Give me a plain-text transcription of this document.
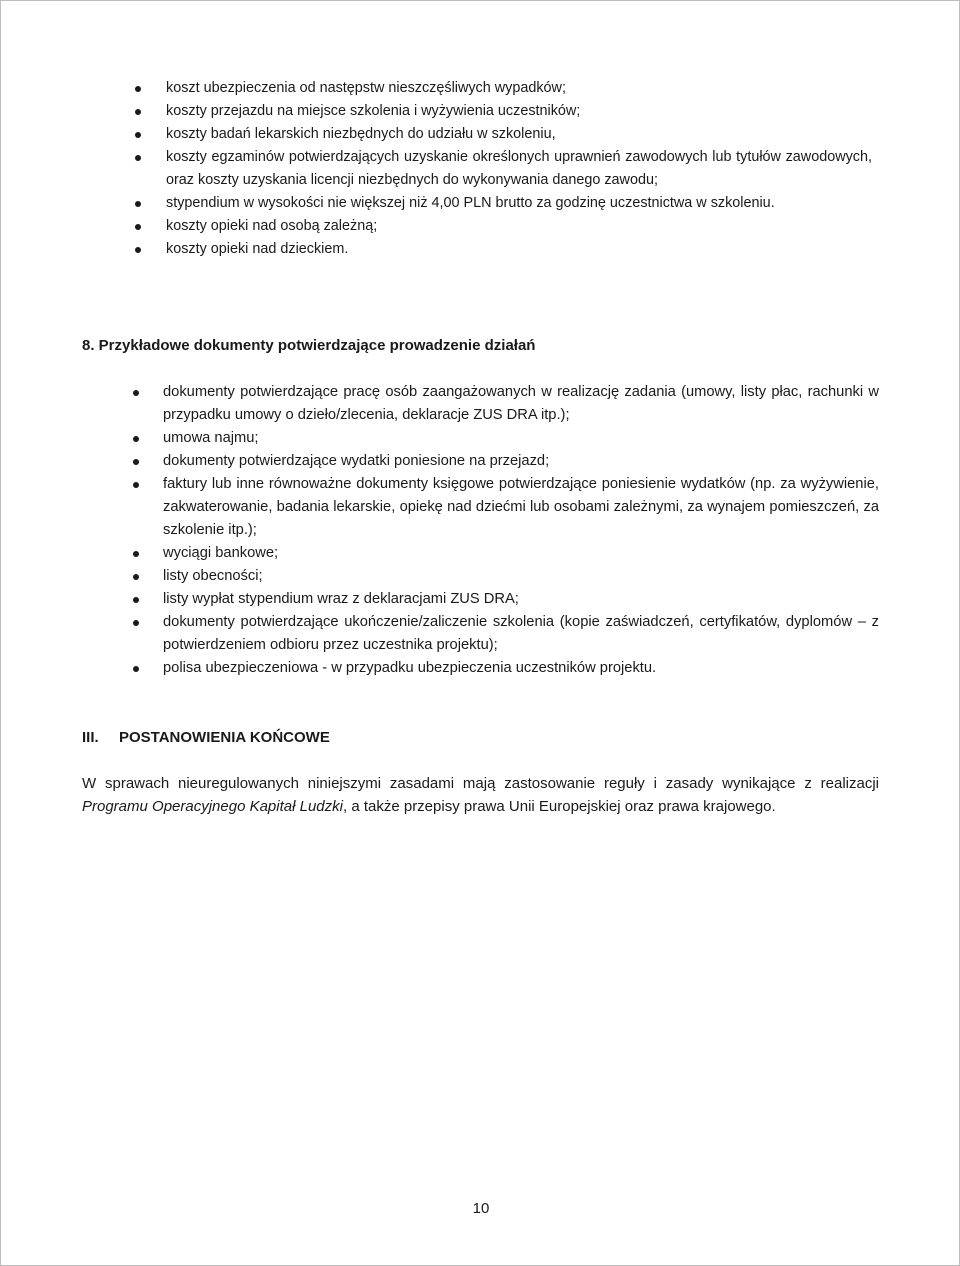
koszt ubezpieczenia od następstw nieszczęśliwych wypadków;
koszty przejazdu na miejsce szkolenia i wyżywienia uczestników;
koszty badań lekarskich niezbędnych do udziału w szkoleniu,
koszty egzaminów potwierdzających uzyskanie określonych uprawnień zawodowych lub tytułów zawodowych, oraz koszty uzyskania licencji niezbędnych do wykonywania danego zawodu;
stypendium w wysokości nie większej niż 4,00 PLN brutto za godzinę uczestnictwa w szkoleniu.
koszty opieki nad osobą zależną;
koszty opieki nad dzieckiem.
8. Przykładowe dokumenty potwierdzające prowadzenie działań
dokumenty potwierdzające pracę osób zaangażowanych w realizację zadania (umowy, listy płac, rachunki w przypadku umowy o dzieło/zlecenia, deklaracje ZUS DRA itp.);
umowa najmu;
dokumenty potwierdzające wydatki poniesione na przejazd;
faktury lub inne równoważne dokumenty księgowe potwierdzające poniesienie wydatków (np. za wyżywienie, zakwaterowanie, badania lekarskie, opiekę nad dziećmi lub osobami zależnymi, za wynajem pomieszczeń, za szkolenie itp.);
wyciągi bankowe;
listy obecności;
listy wypłat stypendium wraz z deklaracjami ZUS DRA;
dokumenty potwierdzające ukończenie/zaliczenie szkolenia (kopie zaświadczeń, certyfikatów, dyplomów – z potwierdzeniem odbioru przez uczestnika projektu);
polisa ubezpieczeniowa - w przypadku ubezpieczenia uczestników projektu.
III. POSTANOWIENIA KOŃCOWE
W sprawach nieuregulowanych niniejszymi zasadami mają zastosowanie reguły i zasady wynikające z realizacji Programu Operacyjnego Kapitał Ludzki, a także przepisy prawa Unii Europejskiej oraz prawa krajowego.
10
